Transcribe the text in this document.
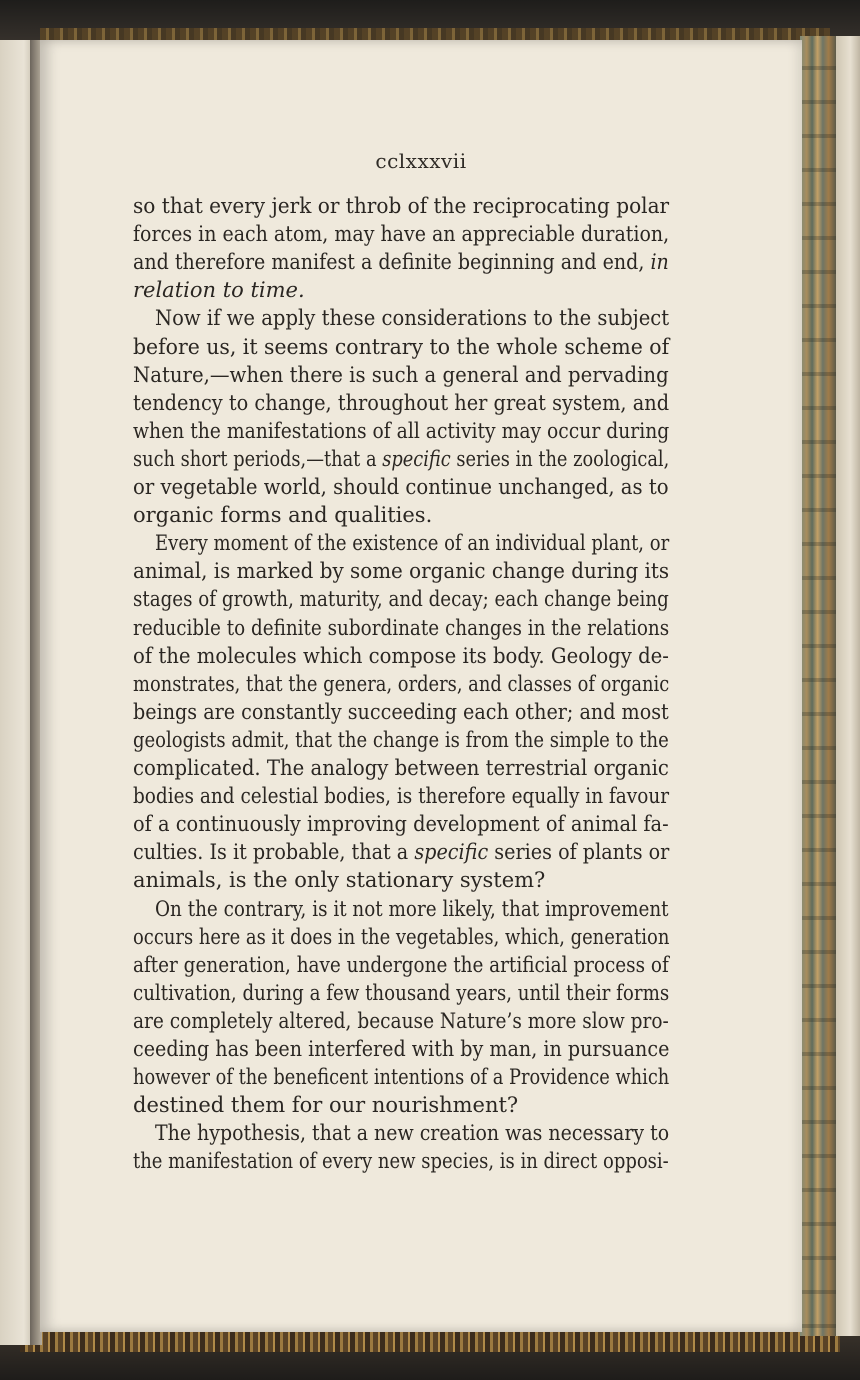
cclxxxvii
so that every jerk or throb of the reciprocating polar
forces in each atom, may have an appreciable duration,
and therefore manifest a definite beginning and end, in
relation to time.
Now if we apply these considerations to the subject
before us, it seems contrary to the whole scheme of
Nature,—when there is such a general and pervading
tendency to change, throughout her great system, and
when the manifestations of all activity may occur during
such short periods,—that a specific series in the zoological,
or vegetable world, should continue unchanged, as to
organic forms and qualities.
Every moment of the existence of an individual plant, or
animal, is marked by some organic change during its
stages of growth, maturity, and decay; each change being
reducible to definite subordinate changes in the relations
of the molecules which compose its body. Geology de-
monstrates, that the genera, orders, and classes of organic
beings are constantly succeeding each other; and most
geologists admit, that the change is from the simple to the
complicated. The analogy between terrestrial organic
bodies and celestial bodies, is therefore equally in favour
of a continuously improving development of animal fa-
culties. Is it probable, that a specific series of plants or
animals, is the only stationary system?
On the contrary, is it not more likely, that improvement
occurs here as it does in the vegetables, which, generation
after generation, have undergone the artificial process of
cultivation, during a few thousand years, until their forms
are completely altered, because Nature’s more slow pro-
ceeding has been interfered with by man, in pursuance
however of the beneficent intentions of a Providence which
destined them for our nourishment?
The hypothesis, that a new creation was necessary to
the manifestation of every new species, is in direct opposi-
